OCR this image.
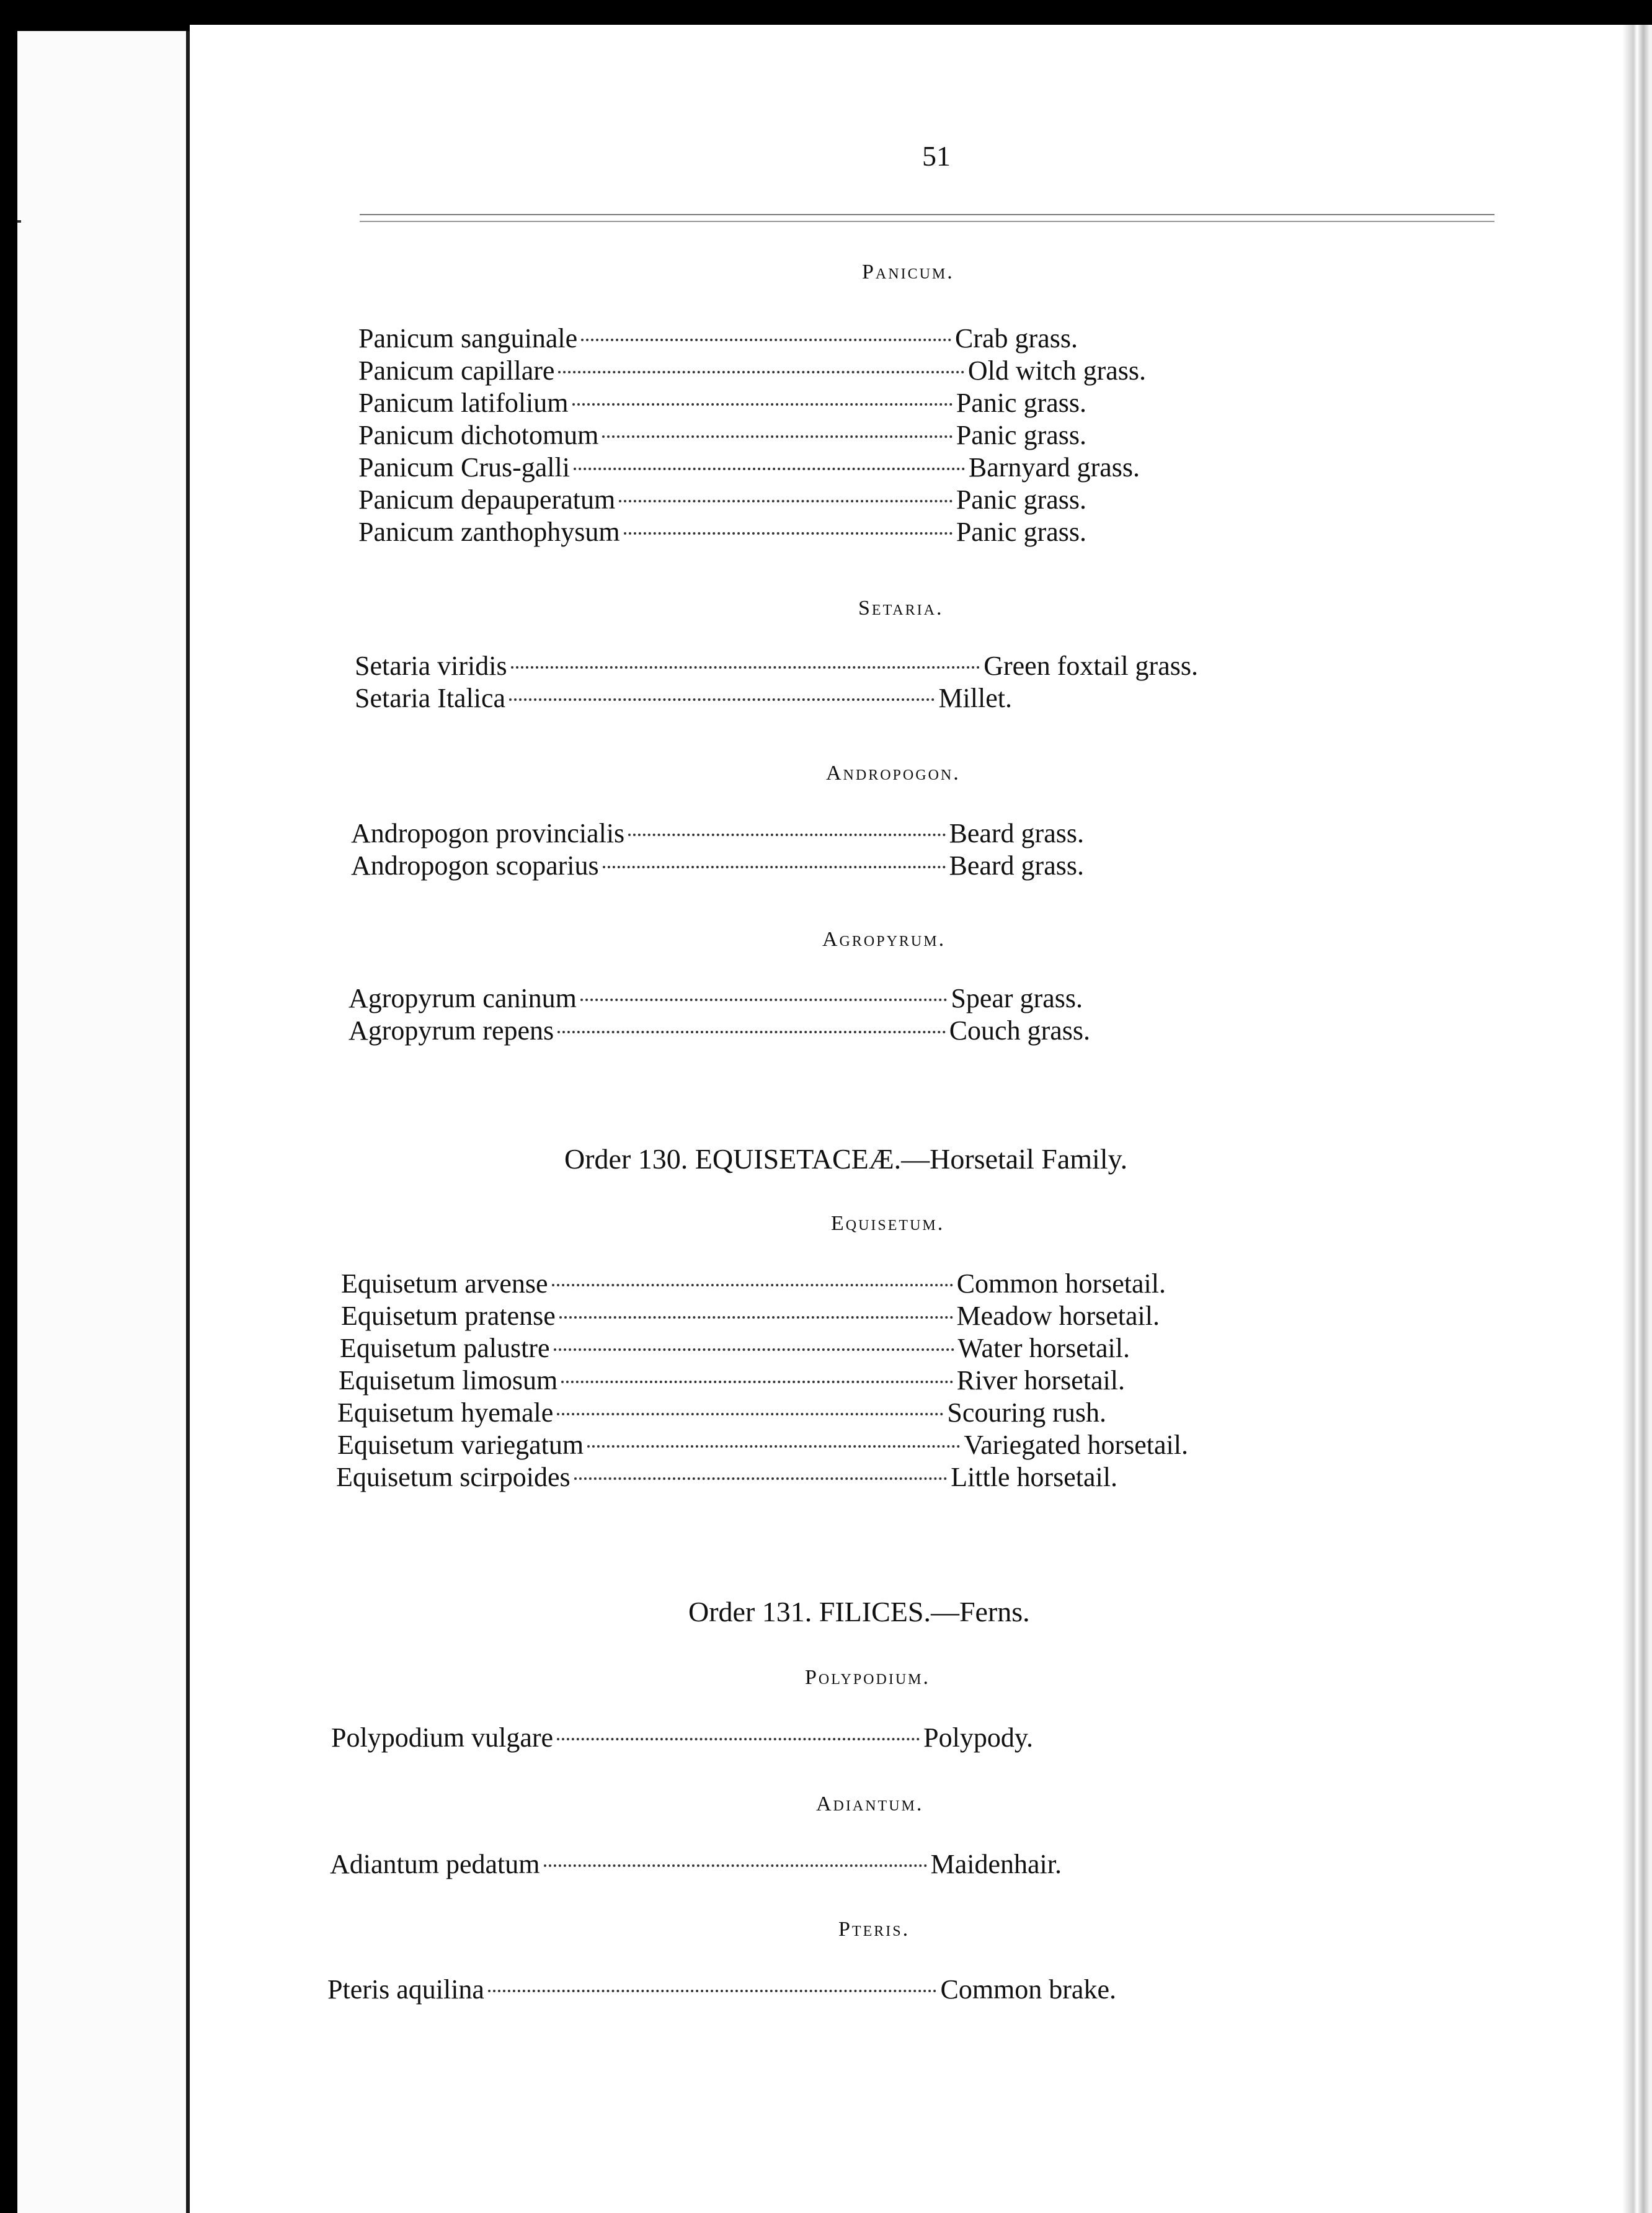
51
Panicum.
Panicum sanguinale	Crab grass.
Panicum capillare	Old witch grass.
Panicum latifolium	Panic grass.
Panicum dichotomum	Panic grass.
Panicum Crus-galli	Barnyard grass.
Panicum depauperatum	Panic grass.
Panicum zanthophysum	Panic grass.
Setaria.
Setaria viridis	Green foxtail grass.
Setaria Italica	Millet.
Andropogon.
Andropogon provincialis	Beard grass.
Andropogon scoparius	Beard grass.
Agropyrum.
Agropyrum caninum	Spear grass.
Agropyrum repens	Couch grass.
Order 130. EQUISETACEÆ.—Horsetail Family.
Equisetum.
Equisetum arvense	Common horsetail.
Equisetum pratense	Meadow horsetail.
Equisetum palustre	Water horsetail.
Equisetum limosum	River horsetail.
Equisetum hyemale	Scouring rush.
Equisetum variegatum	Variegated horsetail.
Equisetum scirpoides	Little horsetail.
Order 131. FILICES.—Ferns.
Polypodium.
Polypodium vulgare	Polypody.
Adiantum.
Adiantum pedatum	Maidenhair.
Pteris.
Pteris aquilina	Common brake.
